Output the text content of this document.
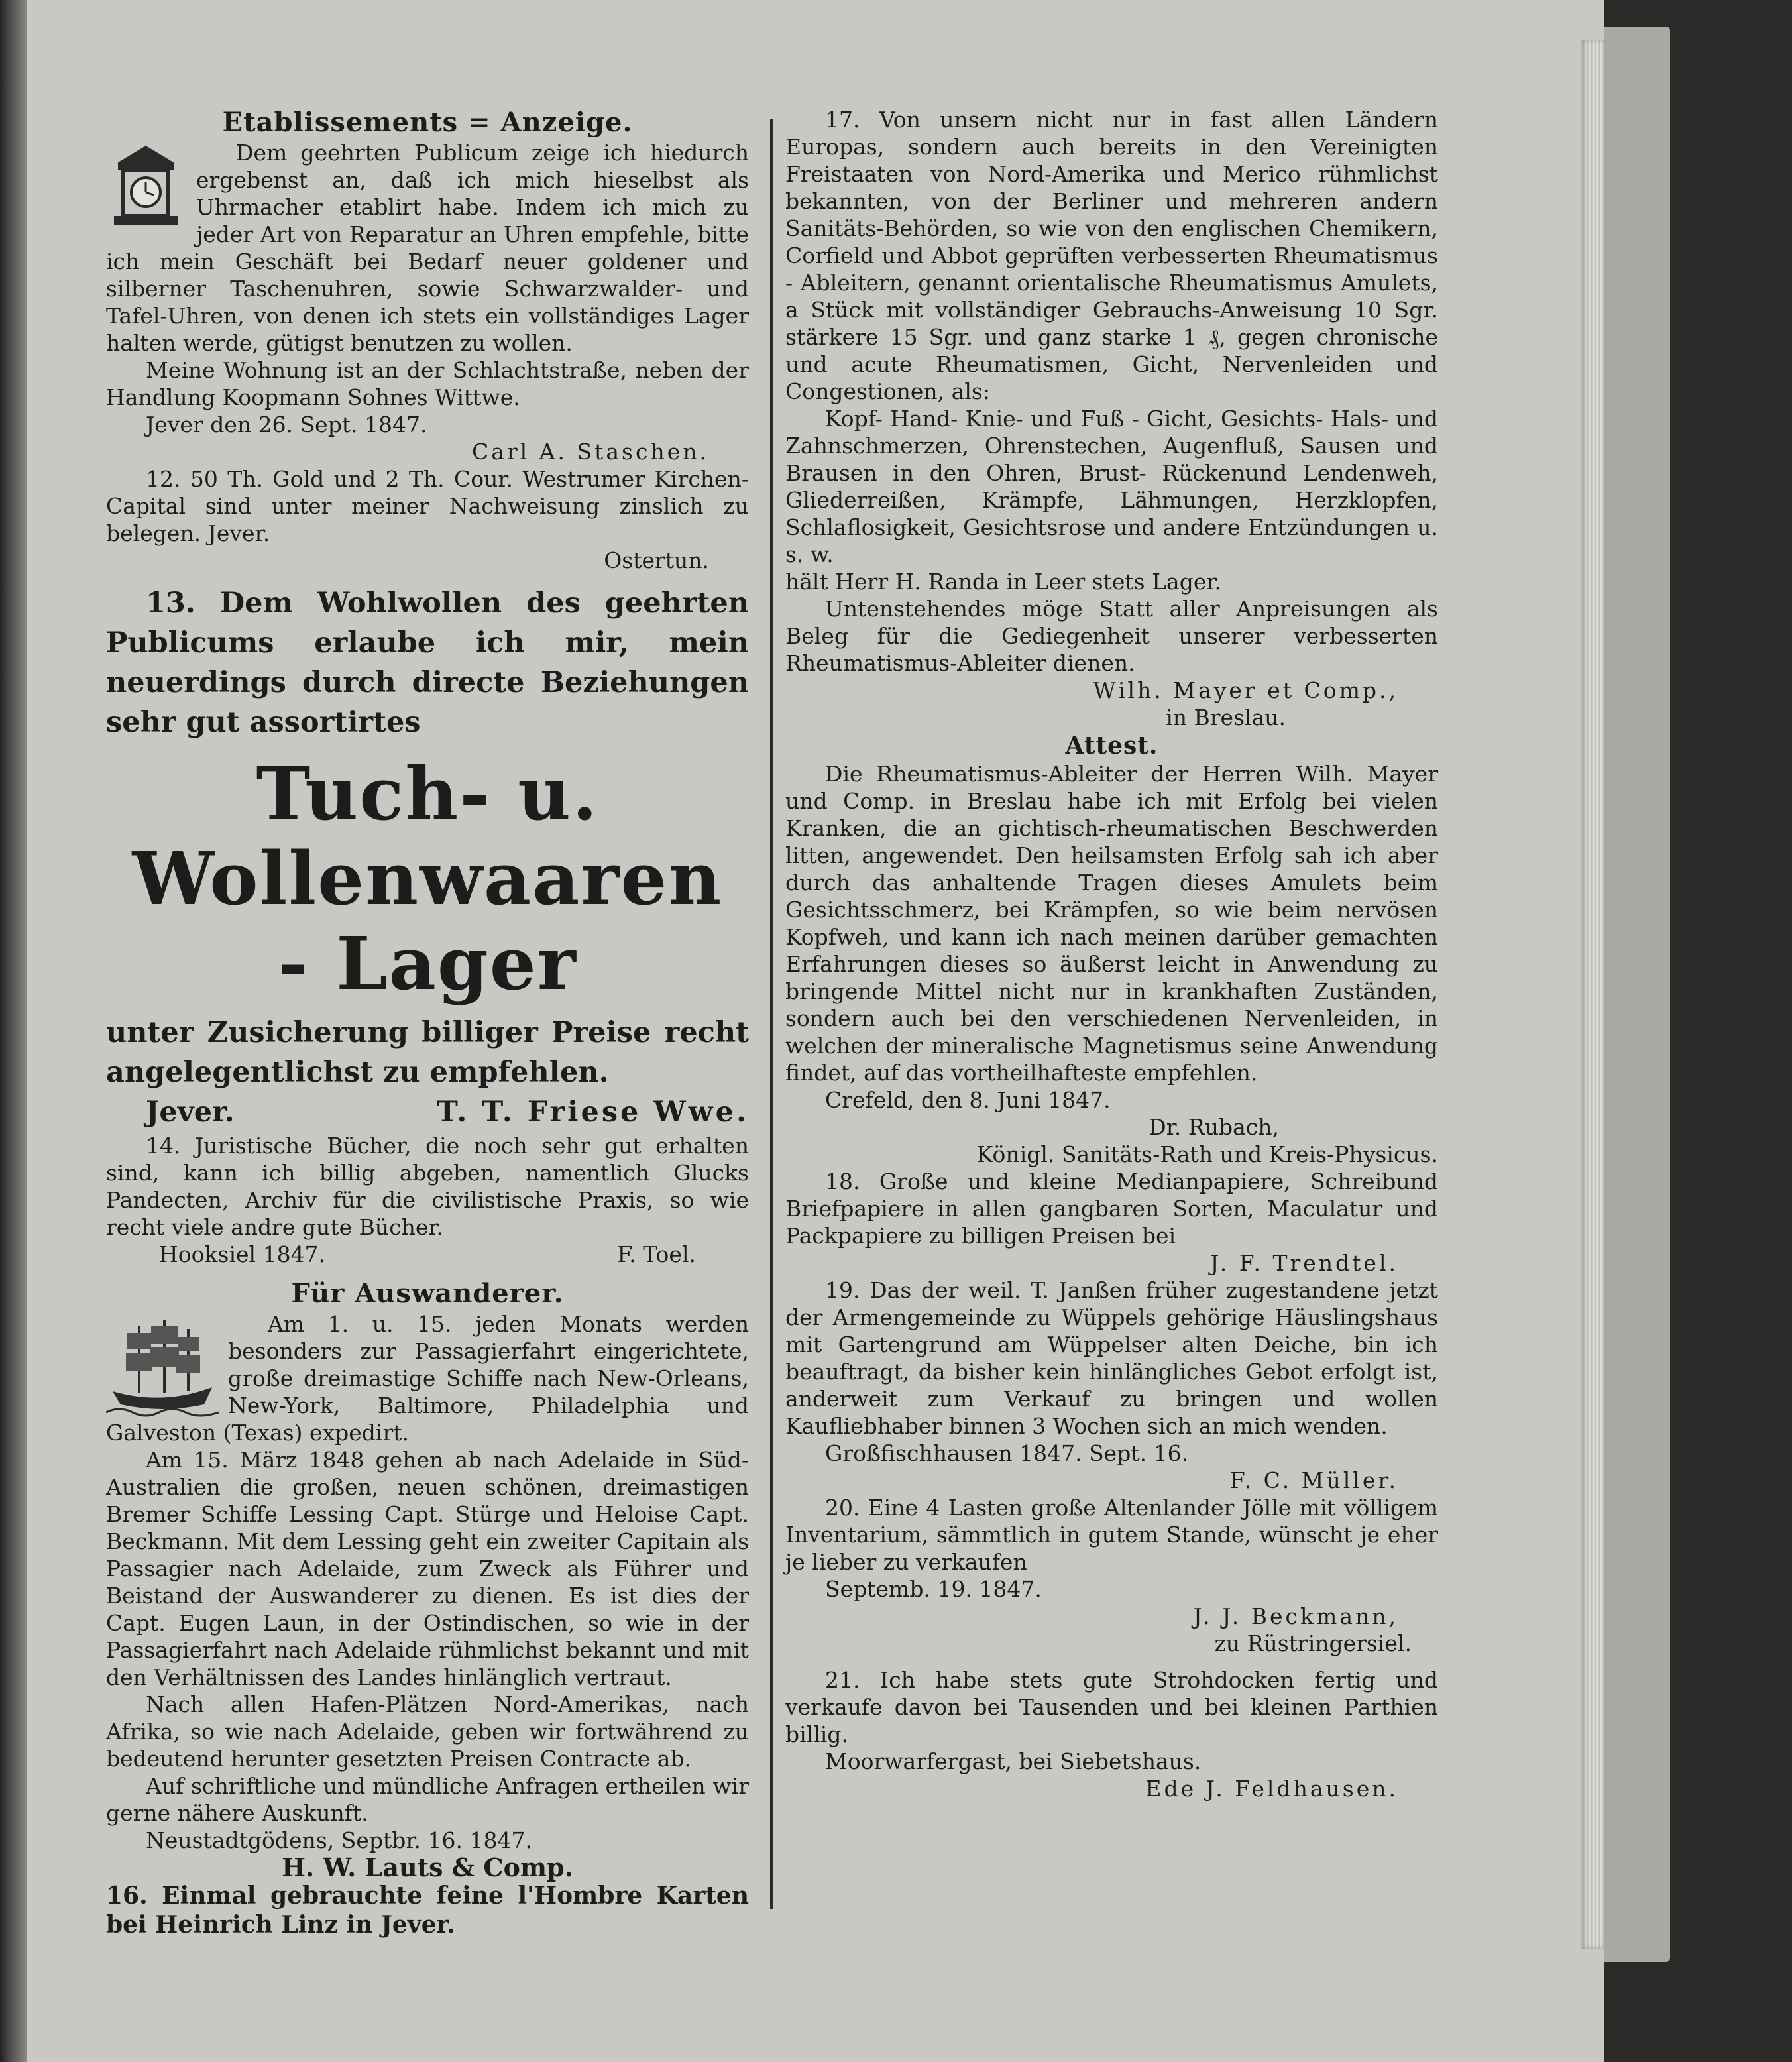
Etablissements = Anzeige.

Dem geehrten Publicum zeige ich hiedurch ergebenst an, daß ich mich hieselbst als Uhrmacher etablirt habe. Indem ich mich zu jeder Art von Reparatur an Uhren empfehle, bitte ich mein Geschäft bei Bedarf neuer goldener und silberner Taschenuhren, sowie Schwarzwalder- und Tafel-Uhren, von denen ich stets ein vollständiges Lager halten werde, gütigst benutzen zu wollen.

Meine Wohnung ist an der Schlachtstraße, neben der Handlung Koopmann Sohnes Wittwe.

Jever den 26. Sept. 1847.

Carl A. Staschen.

12. 50 Th. Gold und 2 Th. Cour. Westrumer Kirchen-Capital sind unter meiner Nachweisung zinslich zu belegen. Jever.

Ostertun.

13. Dem Wohlwollen des geehrten Publicums erlaube ich mir, mein neuerdings durch directe Beziehungen sehr gut assortirtes

Tuch- u. Wollenwaaren - Lager

unter Zusicherung billiger Preise recht angelegentlichst zu empfehlen.

Jever.	T. T. Friese Wwe.

14. Juristische Bücher, die noch sehr gut erhalten sind, kann ich billig abgeben, namentlich Glucks Pandecten, Archiv für die civilistische Praxis, so wie recht viele andre gute Bücher.

Hooksiel 1847.	F. Toel.

Für Auswanderer.

Am 1. u. 15. jeden Monats werden besonders zur Passagierfahrt eingerichtete, große dreimastige Schiffe nach New-Orleans, New-York, Baltimore, Philadelphia und Galveston (Texas) expedirt.

Am 15. März 1848 gehen ab nach Adelaide in Süd-Australien die großen, neuen schönen, dreimastigen Bremer Schiffe Lessing Capt. Stürge und Heloise Capt. Beckmann. Mit dem Lessing geht ein zweiter Capitain als Passagier nach Adelaide, zum Zweck als Führer und Beistand der Auswanderer zu dienen. Es ist dies der Capt. Eugen Laun, in der Ostindischen, so wie in der Passagierfahrt nach Adelaide rühmlichst bekannt und mit den Verhältnissen des Landes hinlänglich vertraut.

Nach allen Hafen-Plätzen Nord-Amerikas, nach Afrika, so wie nach Adelaide, geben wir fortwährend zu bedeutend herunter gesetzten Preisen Contracte ab.

Auf schriftliche und mündliche Anfragen ertheilen wir gerne nähere Auskunft.

Neustadtgödens, Septbr. 16. 1847.

H. W. Lauts & Comp.

16. Einmal gebrauchte feine l'Hombre Karten bei Heinrich Linz in Jever.

17. Von unsern nicht nur in fast allen Ländern Europas, sondern auch bereits in den Vereinigten Freistaaten von Nord-Amerika und Merico rühmlichst bekannten, von der Berliner und mehreren andern Sanitäts-Behörden, so wie von den englischen Chemikern, Corfield und Abbot geprüften verbesserten Rheumatismus - Ableitern, genannt orientalische Rheumatismus Amulets, a Stück mit vollständiger Gebrauchs-Anweisung 10 Sgr. stärkere 15 Sgr. und ganz starke 1 ₰, gegen chronische und acute Rheumatismen, Gicht, Nervenleiden und Congestionen, als:

Kopf- Hand- Knie- und Fuß - Gicht, Gesichts- Hals- und Zahnschmerzen, Ohrenstechen, Augenfluß, Sausen und Brausen in den Ohren, Brust- Rückenund Lendenweh, Gliederreißen, Krämpfe, Lähmungen, Herzklopfen, Schlaflosigkeit, Gesichtsrose und andere Entzündungen u. s. w.

hält Herr H. Randa in Leer stets Lager.

Untenstehendes möge Statt aller Anpreisungen als Beleg für die Gediegenheit unserer verbesserten Rheumatismus-Ableiter dienen.

Wilh. Mayer et Comp.,

in Breslau.

Attest.

Die Rheumatismus-Ableiter der Herren Wilh. Mayer und Comp. in Breslau habe ich mit Erfolg bei vielen Kranken, die an gichtisch-rheumatischen Beschwerden litten, angewendet. Den heilsamsten Erfolg sah ich aber durch das anhaltende Tragen dieses Amulets beim Gesichtsschmerz, bei Krämpfen, so wie beim nervösen Kopfweh, und kann ich nach meinen darüber gemachten Erfahrungen dieses so äußerst leicht in Anwendung zu bringende Mittel nicht nur in krankhaften Zuständen, sondern auch bei den verschiedenen Nervenleiden, in welchen der mineralische Magnetismus seine Anwendung findet, auf das vortheilhafteste empfehlen.

Crefeld, den 8. Juni 1847.

Dr. Rubach,

Königl. Sanitäts-Rath und Kreis-Physicus.

18. Große und kleine Medianpapiere, Schreibund Briefpapiere in allen gangbaren Sorten, Maculatur und Packpapiere zu billigen Preisen bei

J. F. Trendtel.

19. Das der weil. T. Janßen früher zugestandene jetzt der Armengemeinde zu Wüppels gehörige Häuslingshaus mit Gartengrund am Wüppelser alten Deiche, bin ich beauftragt, da bisher kein hinlängliches Gebot erfolgt ist, anderweit zum Verkauf zu bringen und wollen Kaufliebhaber binnen 3 Wochen sich an mich wenden.

Großfischhausen 1847. Sept. 16.

F. C. Müller.

20. Eine 4 Lasten große Altenlander Jölle mit völligem Inventarium, sämmtlich in gutem Stande, wünscht je eher je lieber zu verkaufen

Septemb. 19. 1847.

J. J. Beckmann,

zu Rüstringersiel.

21. Ich habe stets gute Strohdocken fertig und verkaufe davon bei Tausenden und bei kleinen Parthien billig.

Moorwarfergast, bei Siebetshaus.

Ede J. Feldhausen.
